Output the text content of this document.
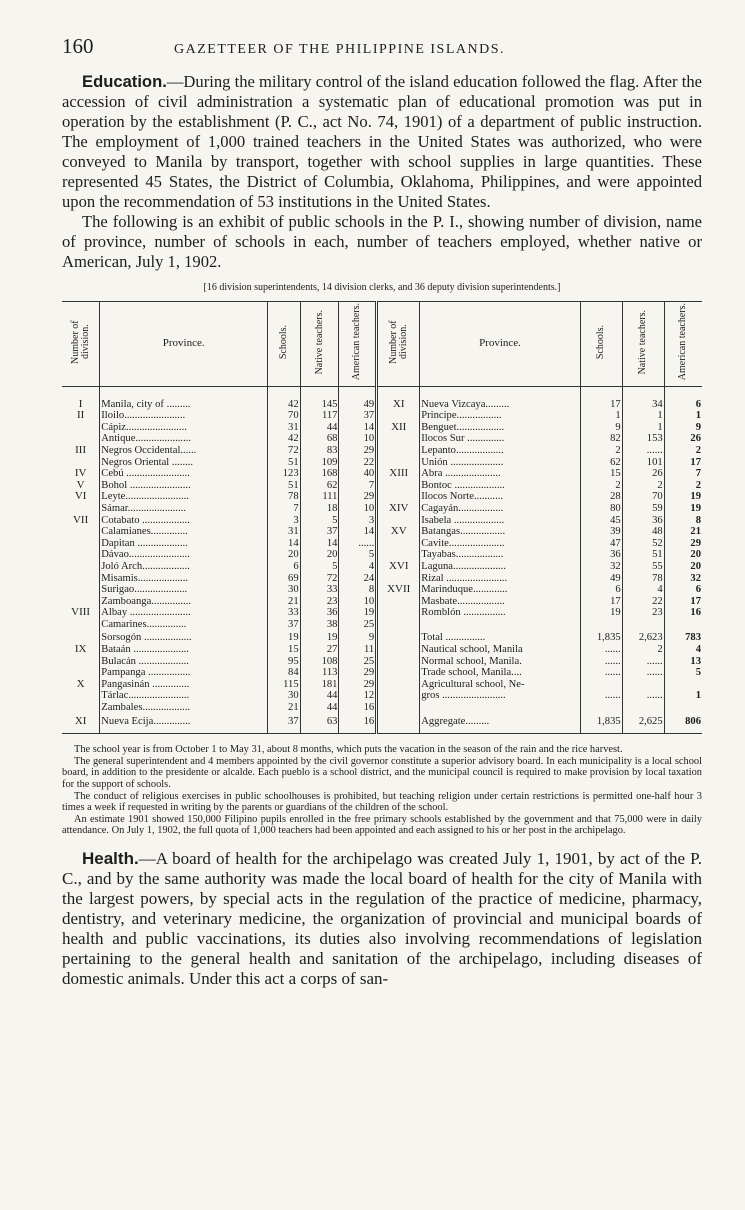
160	GAZETTEER OF THE PHILIPPINE ISLANDS.

Education.—During the military control of the island education followed the flag. After the accession of civil administration a systematic plan of educational promotion was put in operation by the establishment (P. C., act No. 74, 1901) of a department of public instruction. The employment of 1,000 trained teachers in the United States was authorized, who were conveyed to Manila by transport, together with school supplies in large quantities. These represented 45 States, the District of Columbia, Oklahoma, Philippines, and were appointed upon the recommendation of 53 institutions in the United States.

The following is an exhibit of public schools in the P. I., showing number of division, name of province, number of schools in each, number of teachers employed, whether native or American, July 1, 1902.

[16 division superintendents, 14 division clerks, and 36 deputy division superintendents.]
Number of division.	Province.	Schools.	Native teachers.	American teachers.	Number of division.	Province.	Schools.	Native teachers.	American teachers.
I	Manila, city of .........	42	145	49	XI	Nueva Vizcaya.........	17	34	6
II	Iloilo.......................	70	117	37		Principe.................	1	1	1
	Cápiz.......................	31	44	14	XII	Benguet..................	9	1	9
	Antique.....................	42	68	10		Ilocos Sur ..............	82	153	26
III	Negros Occidental......	72	83	29		Lepanto..................	2	......	2
	Negros Oriental ........	51	109	22		Unión ....................	62	101	17
IV	Cebú ........................	123	168	40	XIII	Abra .....................	15	26	7
V	Bohol .......................	51	62	7		Bontoc ...................	2	2	2
VI	Leyte........................	78	111	29		Ilocos Norte...........	28	70	19
	Sámar......................	7	18	10	XIV	Cagayán.................	80	59	19
VII	Cotabato ..................	3	5	3		Isabela ...................	45	36	8
	Calamianes..............	31	37	14	XV	Batangas.................	39	48	21
	Dapitan ...................	14	14	......		Cavite.....................	47	52	29
	Dávao.......................	20	20	5		Tayabas..................	36	51	20
	Joló Arch..................	6	5	4	XVI	Laguna....................	32	55	20
	Misamis...................	69	72	24		Rizal .......................	49	78	32
	Surigao....................	30	33	8	XVII	Marinduque.............	6	4	6
	Zamboanga...............	21	23	10		Masbate..................	17	22	17
VIII	Albay .......................	33	36	19		Romblón ................	19	23	16
	Camarines...............	37	38	25					
	Sorsogón ..................	19	19	9		Total ...............	1,835	2,623	783
IX	Bataán .....................	15	27	11		Nautical school, Manila	......	2	4
	Bulacán ...................	95	108	25		Normal school, Manila.	......	......	13
	Pampanga ................	84	113	29		Trade school, Manila....	......	......	5
X	Pangasinán ..............	115	181	29		Agricultural school, Ne-			
	Tárlac.......................	30	44	12		gros ........................	......	......	1
	Zambales..................	21	44	16					
XI	Nueva Ecija..............	37	63	16		Aggregate.........	1,835	2,625	806

The school year is from October 1 to May 31, about 8 months, which puts the vacation in the season of the rain and the rice harvest.

The general superintendent and 4 members appointed by the civil governor constitute a superior advisory board. In each municipality is a local school board, in addition to the presidente or alcalde. Each pueblo is a school district, and the municipal council is required to make provision by local taxation for the support of schools.

The conduct of religious exercises in public schoolhouses is prohibited, but teaching religion under certain restrictions is permitted one-half hour 3 times a week if requested in writing by the parents or guardians of the children of the school.

An estimate 1901 showed 150,000 Filipino pupils enrolled in the free primary schools established by the government and that 75,000 were in daily attendance. On July 1, 1902, the full quota of 1,000 teachers had been appointed and each assigned to his or her post in the archipelago.

Health.—A board of health for the archipelago was created July 1, 1901, by act of the P. C., and by the same authority was made the local board of health for the city of Manila with the largest powers, by special acts in the regulation of the practice of medicine, pharmacy, dentistry, and veterinary medicine, the organization of provincial and municipal boards of health and public vaccinations, its duties also involving recommendations of legislation pertaining to the general health and sanitation of the archipelago, including diseases of domestic animals. Under this act a corps of san-
